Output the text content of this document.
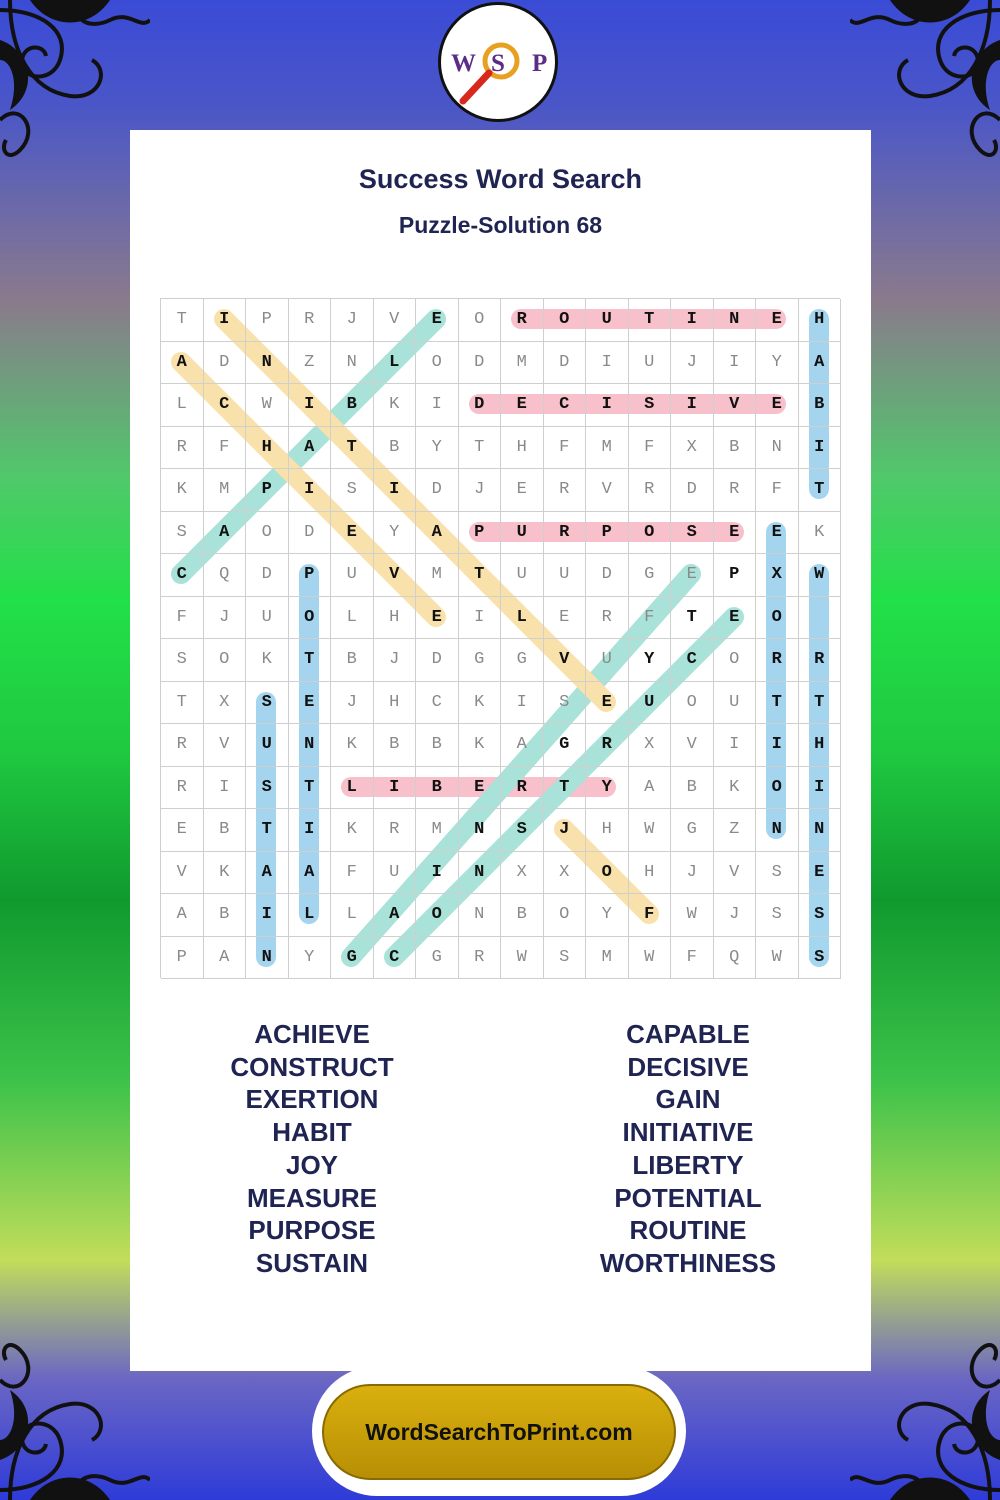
W S P
Success Word Search
Puzzle-Solution 68
T	I	P	R	J	V	E	O	R	O	U	T	I	N	E	H
A	D	N	Z	N	L	O	D	M	D	I	U	J	I	Y	A
L	C	W	I	B	K	I	D	E	C	I	S	I	V	E	B
R	F	H	A	T	B	Y	T	H	F	M	F	X	B	N	I
K	M	P	I	S	I	D	J	E	R	V	R	D	R	F	T
S	A	O	D	E	Y	A	P	U	R	P	O	S	E	E	K
C	Q	D	P	U	V	M	T	U	U	D	G	E	P	X	W
F	J	U	O	L	H	E	I	L	E	R	F	T	E	O
S	O	K	T	B	J	D	G	G	V	U	Y	C	O	R	R
T	X	S	E	J	H	C	K	I	S	E	U	O	U	T	T
R	V	U	N	K	B	B	K	A	G	R	X	V	I	I	H
R	I	S	T	L	I	B	E	R	T	Y	A	B	K	O	I
E	B	T	I	K	R	M	N	S	J	H	W	G	Z	N	N
V	K	A	A	F	U	I	N	X	X	O	H	J	V	S	E
A	B	I	L	L	A	O	N	B	O	Y	F	W	J	S	S
P	A	N	Y	G	C	G	R	W	S	M	W	F	Q	W	S
ACHIEVE
CONSTRUCT
EXERTION
HABIT
JOY
MEASURE
PURPOSE
SUSTAIN
CAPABLE
DECISIVE
GAIN
INITIATIVE
LIBERTY
POTENTIAL
ROUTINE
WORTHINESS
WordSearchToPrint.com
